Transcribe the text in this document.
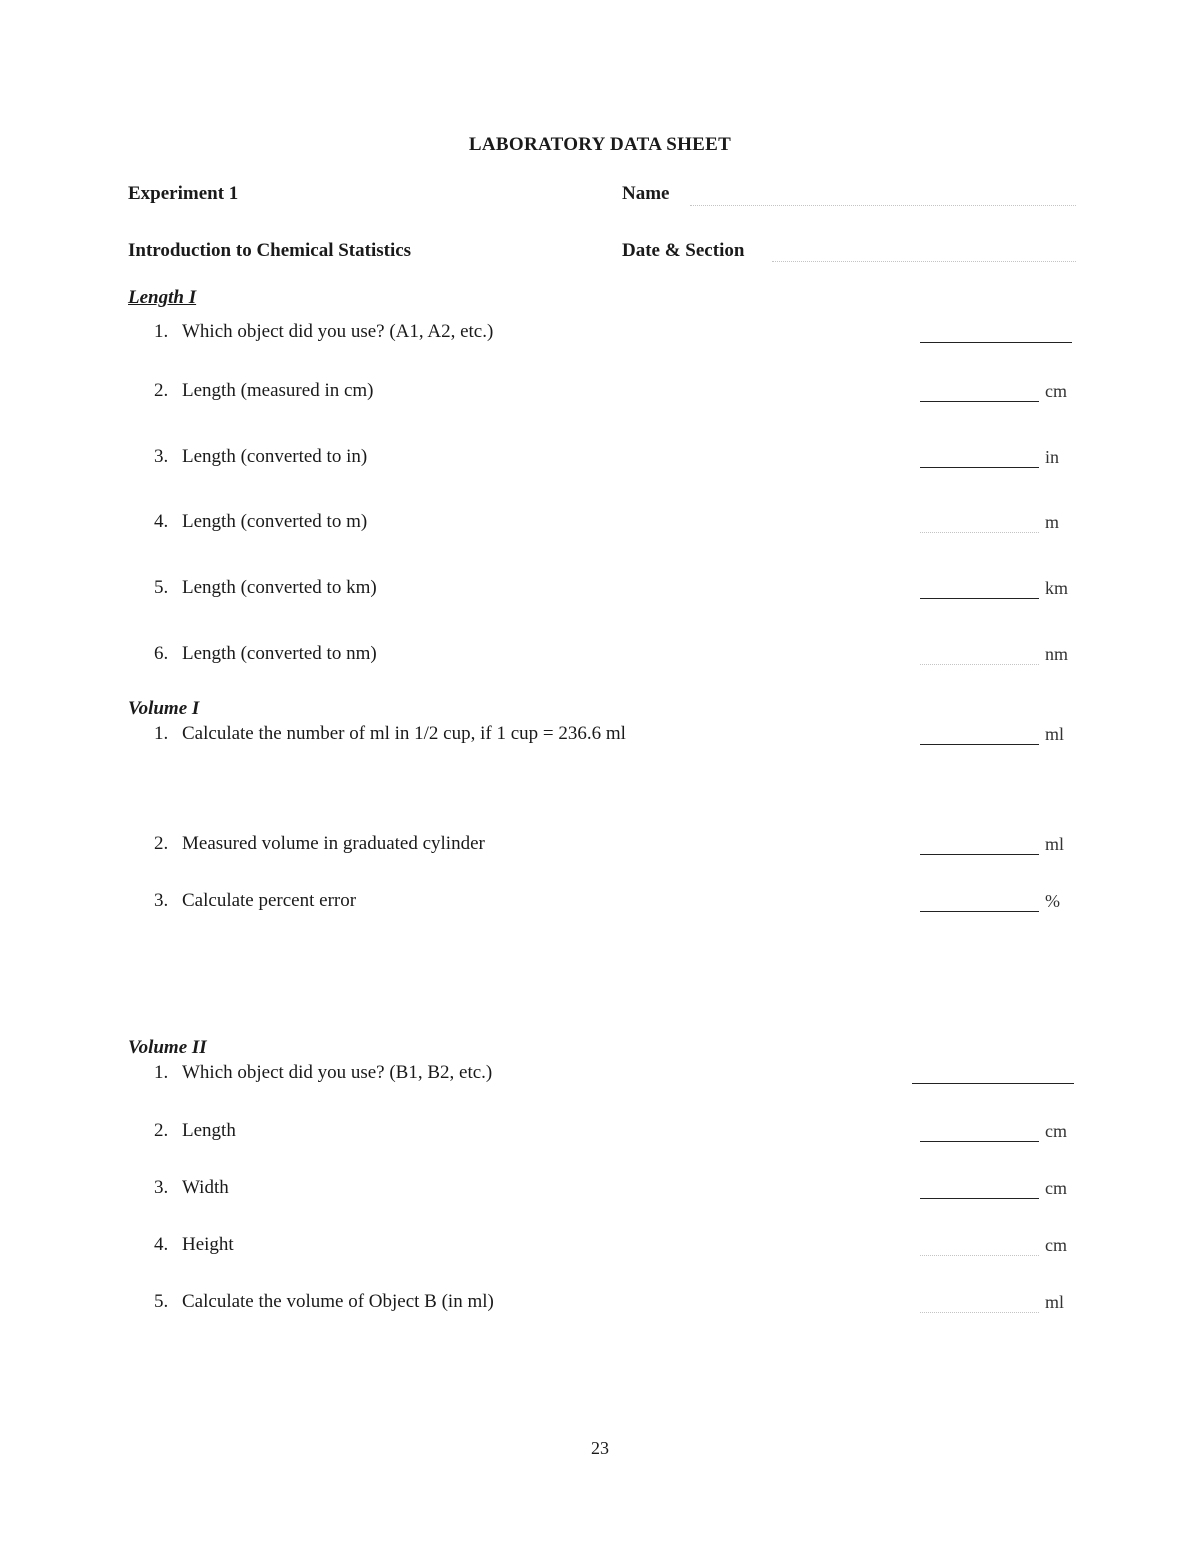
LABORATORY DATA SHEET
Experiment 1	Name
Introduction to Chemical Statistics	Date & Section
Length I
1. Which object did you use? (A1, A2, etc.)
2. Length (measured in cm)	cm
3. Length (converted to in)	in
4. Length (converted to m)	m
5. Length (converted to km)	km
6. Length (converted to nm)	nm
Volume I
1. Calculate the number of ml in 1/2 cup, if 1 cup = 236.6 ml	ml
2. Measured volume in graduated cylinder	ml
3. Calculate percent error	%
Volume II
1. Which object did you use? (B1, B2, etc.)
2. Length	cm
3. Width	cm
4. Height	cm
5. Calculate the volume of Object B (in ml)	ml
23
